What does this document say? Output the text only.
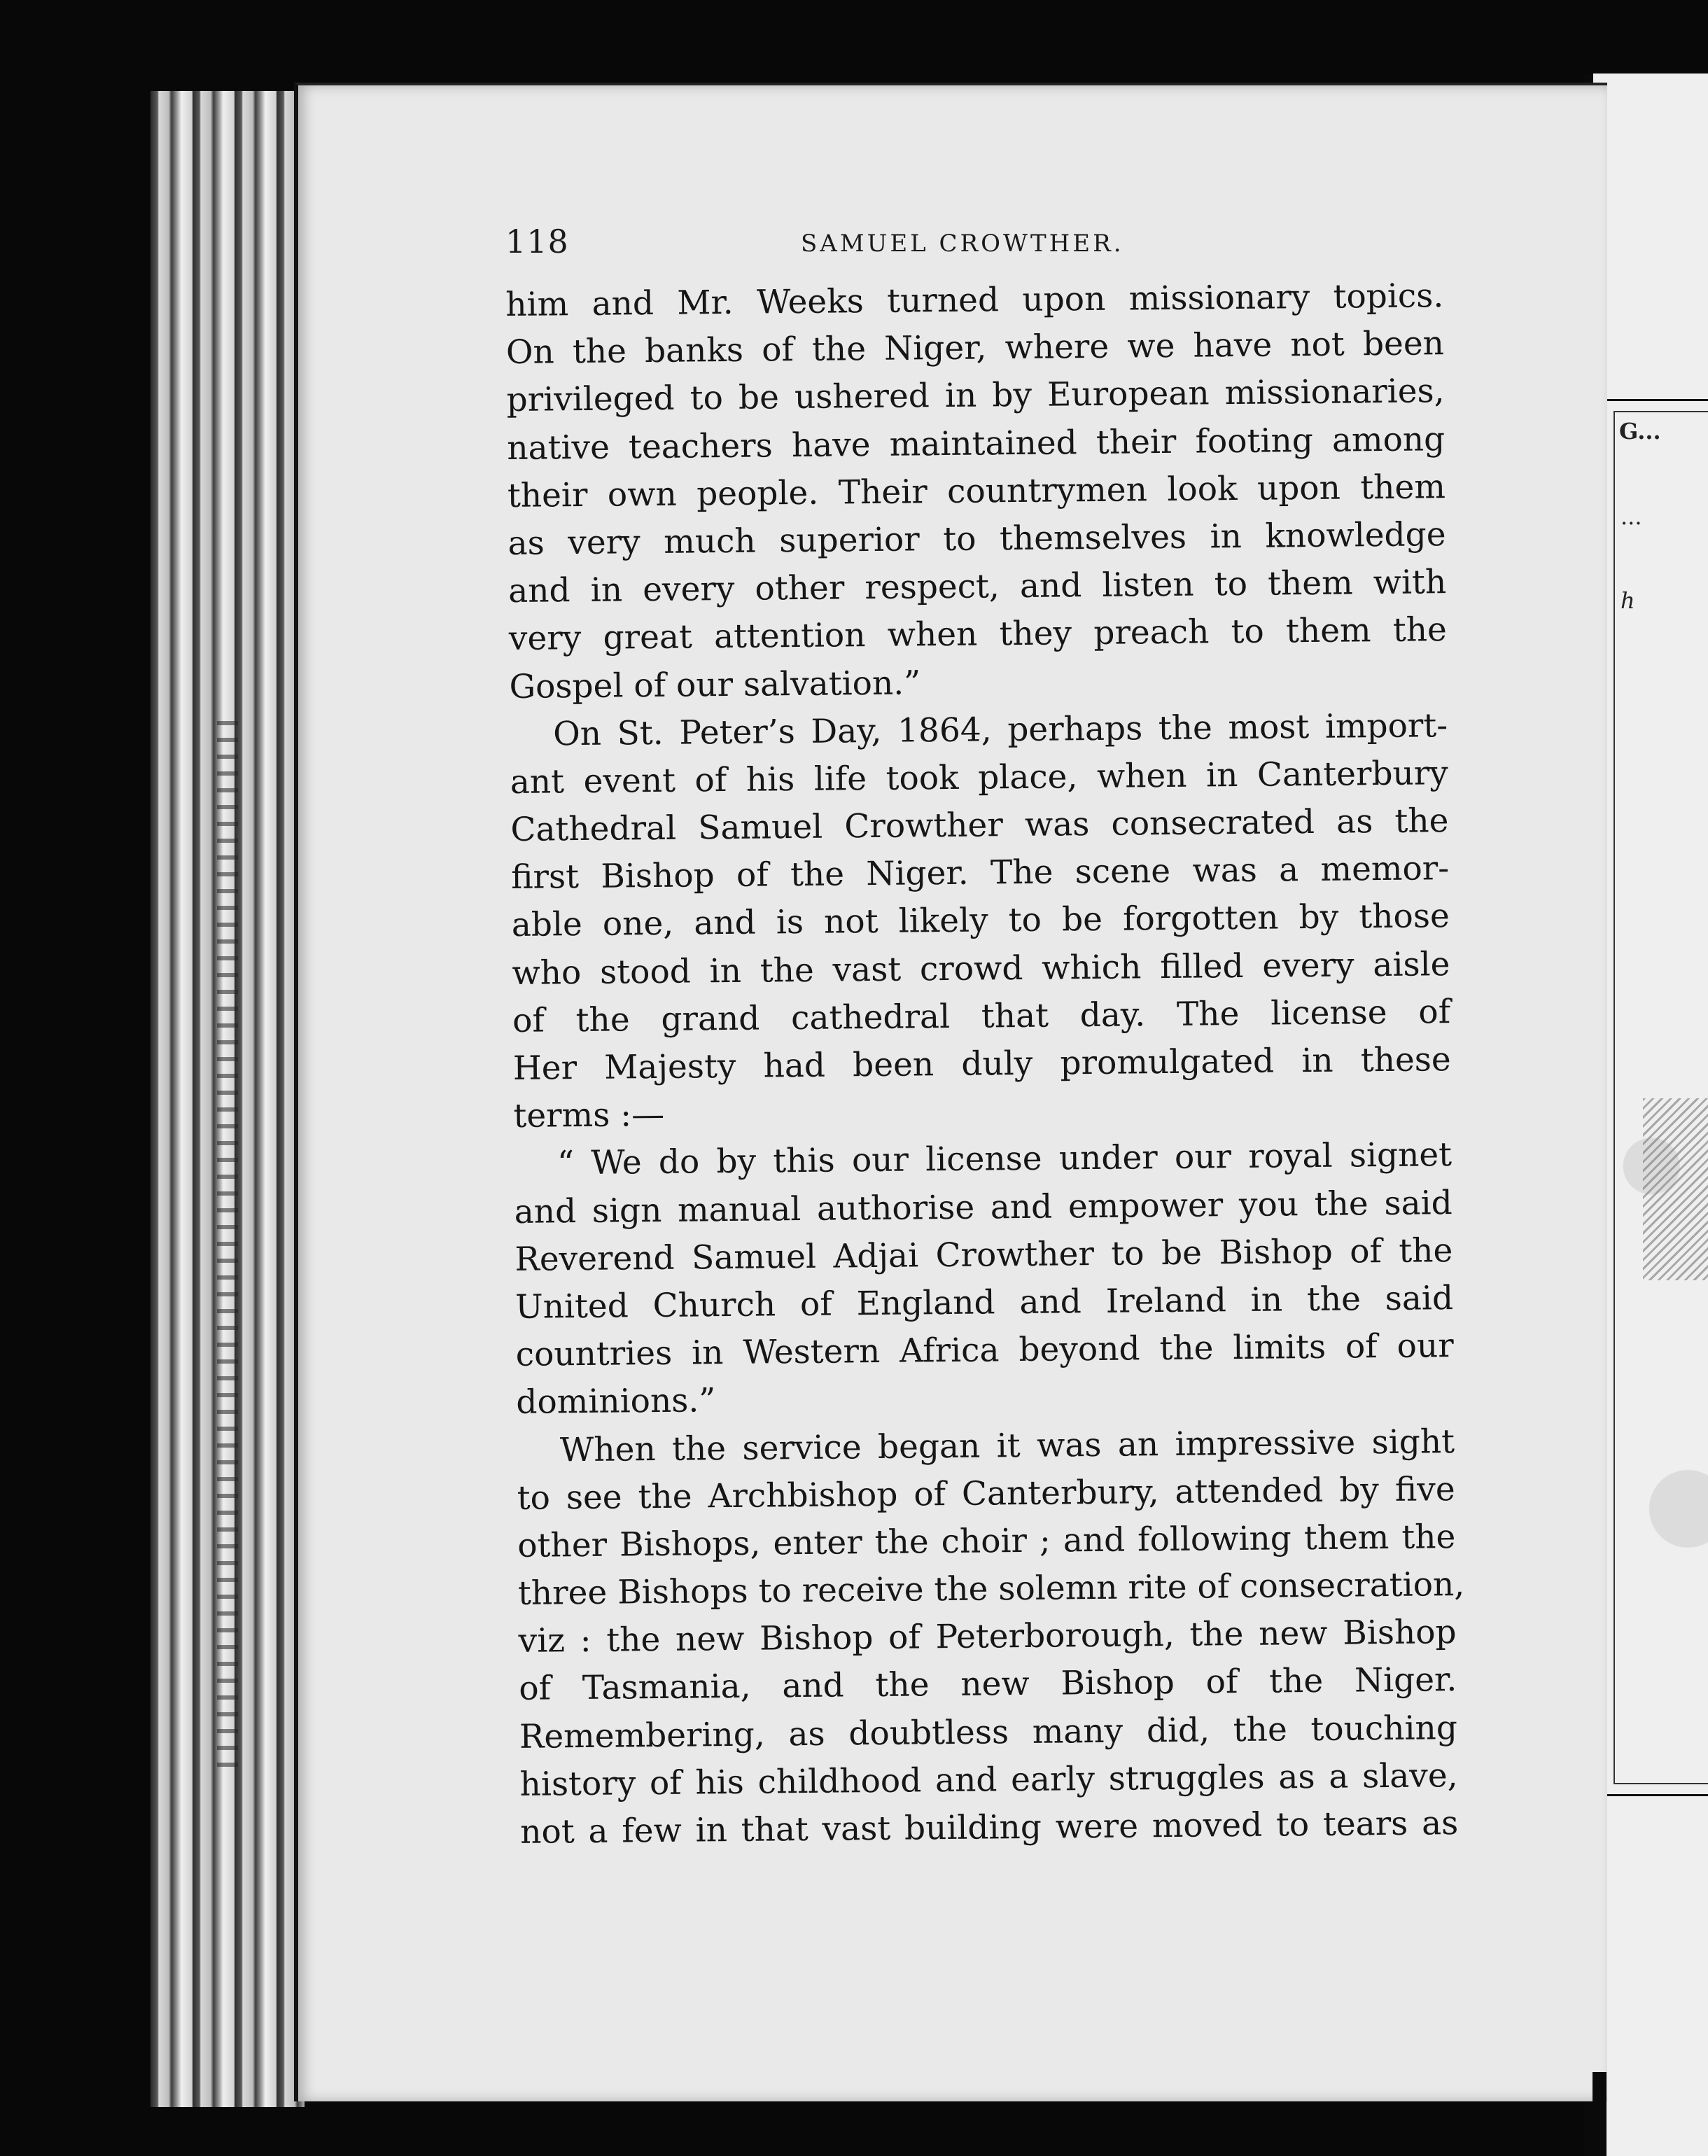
G...
...
h
118	SAMUEL CROWTHER.
him and Mr. Weeks turned upon missionary topics.
On the banks of the Niger, where we have not been
privileged to be ushered in by European missionaries,
native teachers have maintained their footing among
their own people. Their countrymen look upon them
as very much superior to themselves in knowledge
and in every other respect, and listen to them with
very great attention when they preach to them the
Gospel of our salvation.”
On St. Peter’s Day, 1864, perhaps the most import-
ant event of his life took place, when in Canterbury
Cathedral Samuel Crowther was consecrated as the
first Bishop of the Niger. The scene was a memor-
able one, and is not likely to be forgotten by those
who stood in the vast crowd which filled every aisle
of the grand cathedral that day. The license of
Her Majesty had been duly promulgated in these
terms :—
“ We do by this our license under our royal signet
and sign manual authorise and empower you the said
Reverend Samuel Adjai Crowther to be Bishop of the
United Church of England and Ireland in the said
countries in Western Africa beyond the limits of our
dominions.”
When the service began it was an impressive sight
to see the Archbishop of Canterbury, attended by five
other Bishops, enter the choir ; and following them the
three Bishops to receive the solemn rite of consecration,
viz : the new Bishop of Peterborough, the new Bishop
of Tasmania, and the new Bishop of the Niger.
Remembering, as doubtless many did, the touching
history of his childhood and early struggles as a slave,
not a few in that vast building were moved to tears as
